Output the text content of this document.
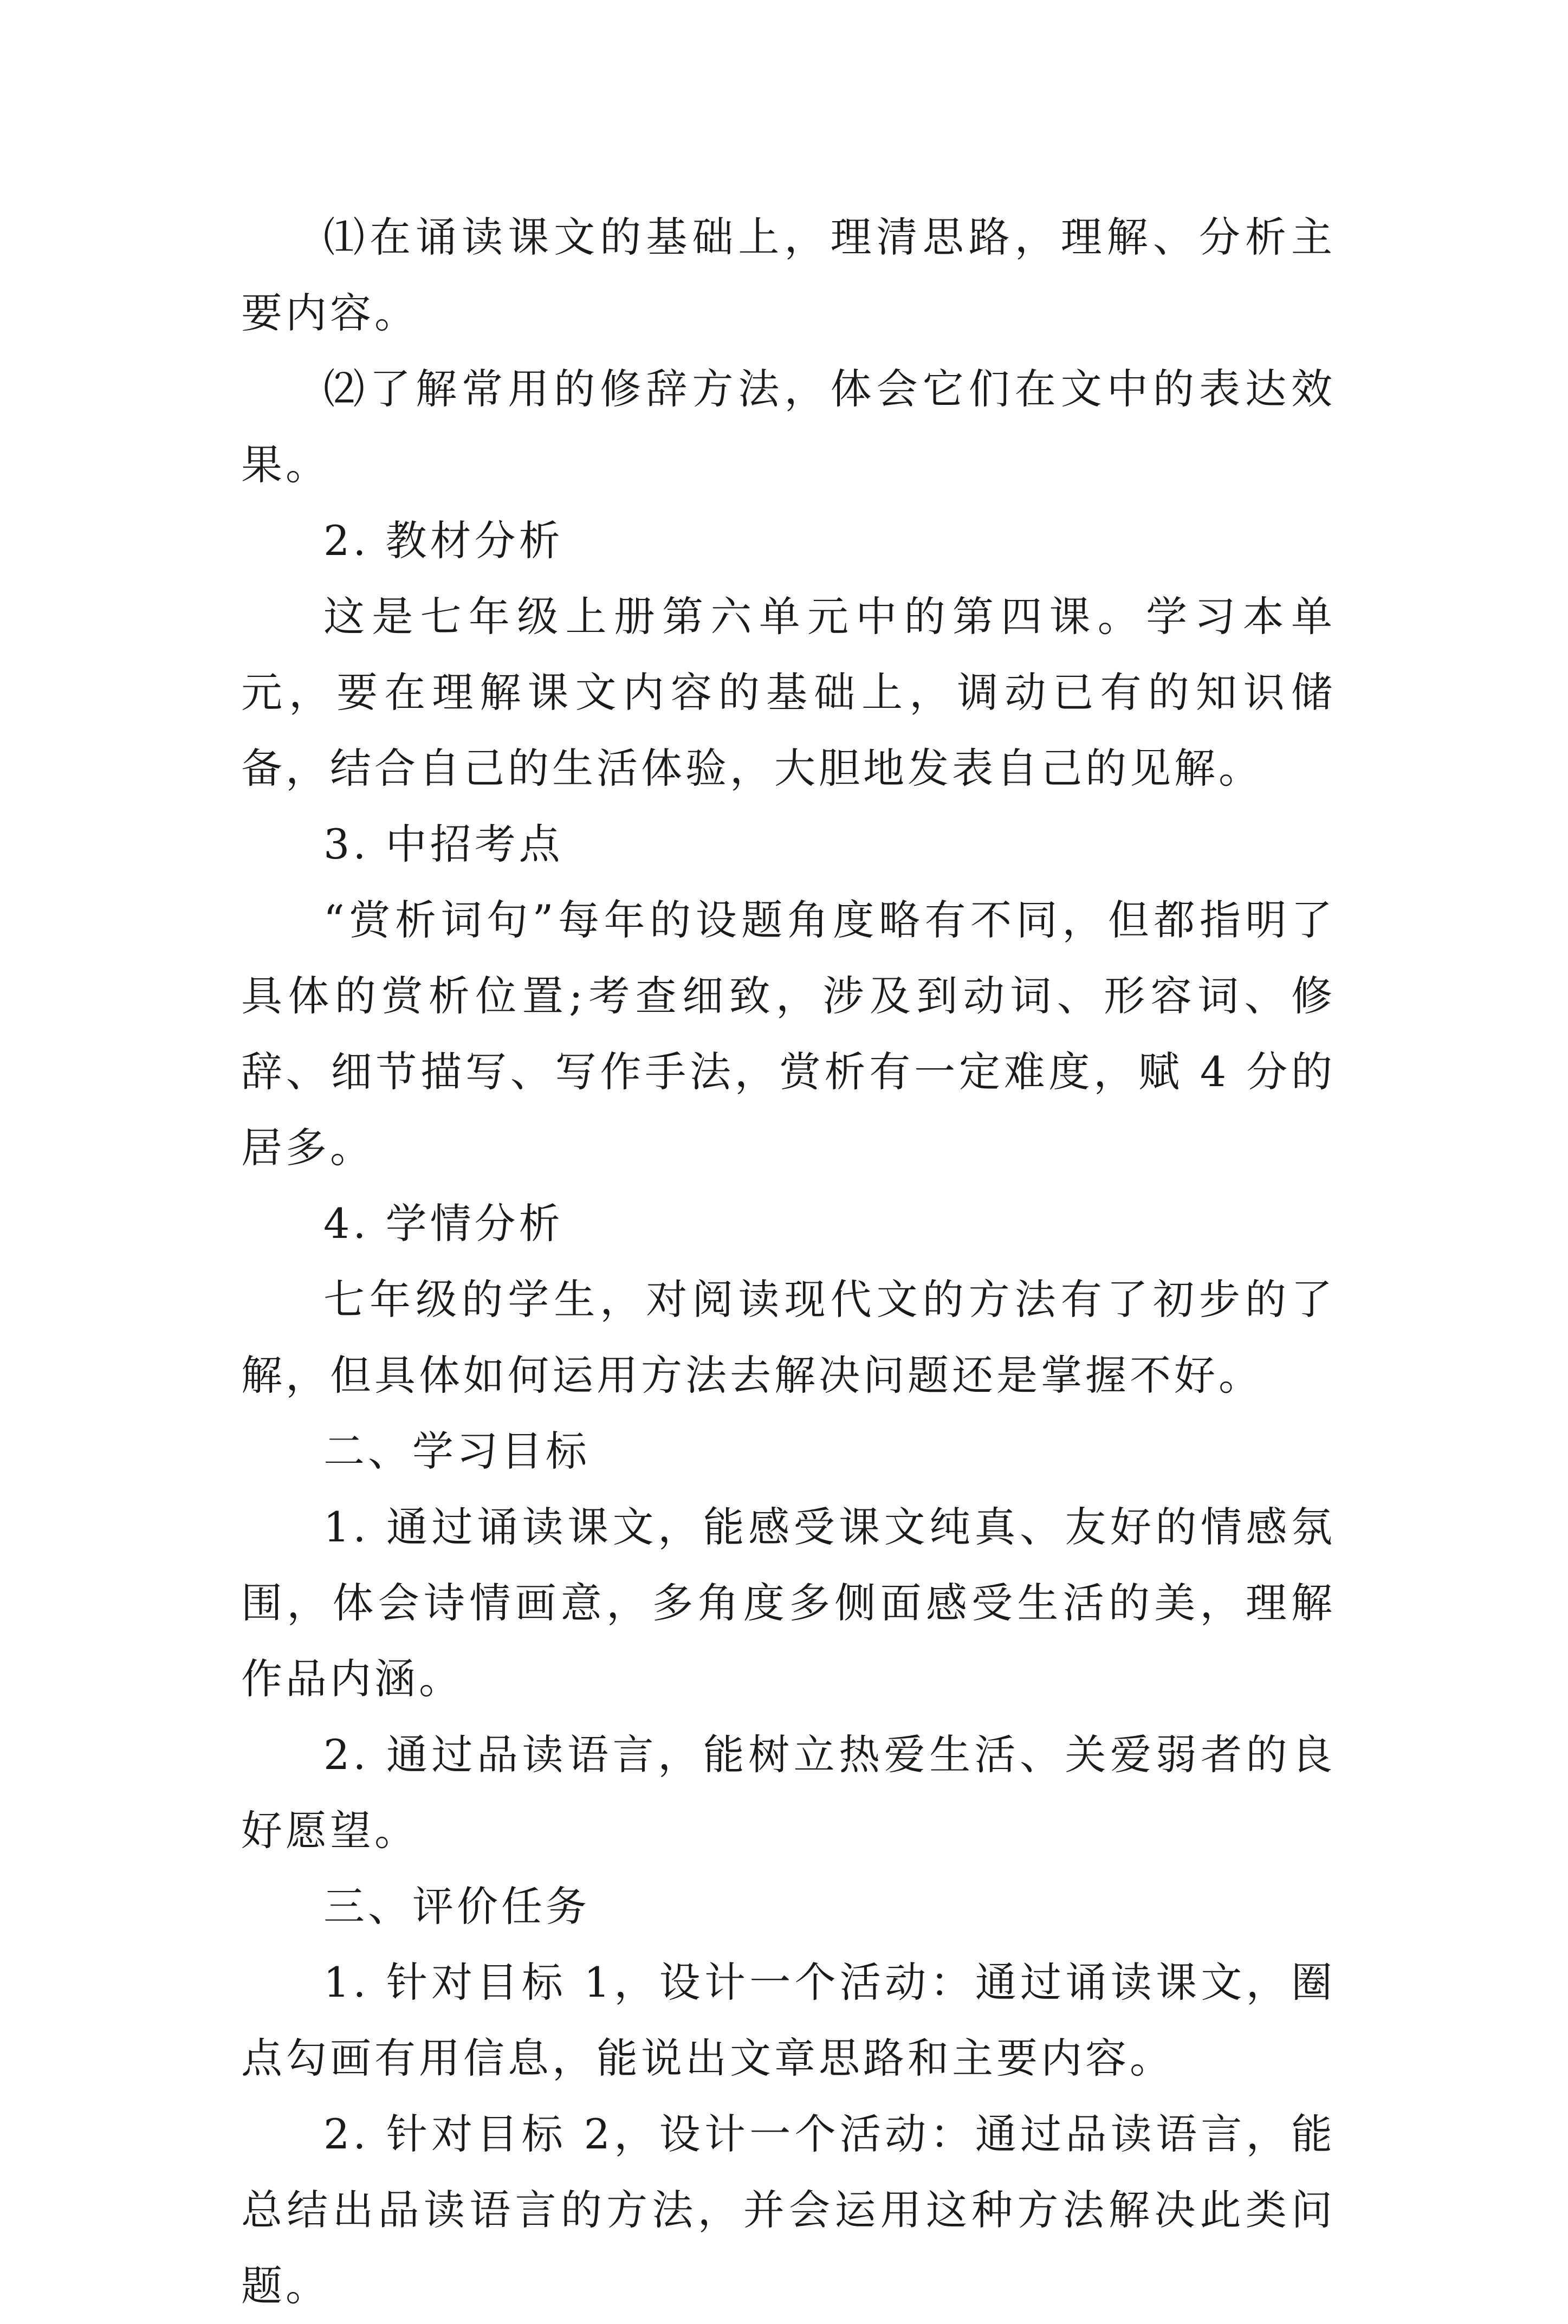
⑴在诵读课文的基础上，理清思路，理解、分析主要内容。

⑵了解常用的修辞方法，体会它们在文中的表达效果。

2. 教材分析

这是七年级上册第六单元中的第四课。学习本单元，要在理解课文内容的基础上，调动已有的知识储备，结合自己的生活体验，大胆地发表自己的见解。

3. 中招考点

“赏析词句”每年的设题角度略有不同，但都指明了具体的赏析位置;考查细致，涉及到动词、形容词、修辞、细节描写、写作手法，赏析有一定难度，赋 4 分的居多。

4. 学情分析

七年级的学生，对阅读现代文的方法有了初步的了解，但具体如何运用方法去解决问题还是掌握不好。

二、学习目标

1. 通过诵读课文，能感受课文纯真、友好的情感氛围，体会诗情画意，多角度多侧面感受生活的美，理解作品内涵。

2. 通过品读语言，能树立热爱生活、关爱弱者的良好愿望。

三、评价任务

1. 针对目标 1，设计一个活动：通过诵读课文，圈点勾画有用信息，能说出文章思路和主要内容。

2. 针对目标 2，设计一个活动：通过品读语言，能总结出品读语言的方法，并会运用这种方法解决此类问题。
